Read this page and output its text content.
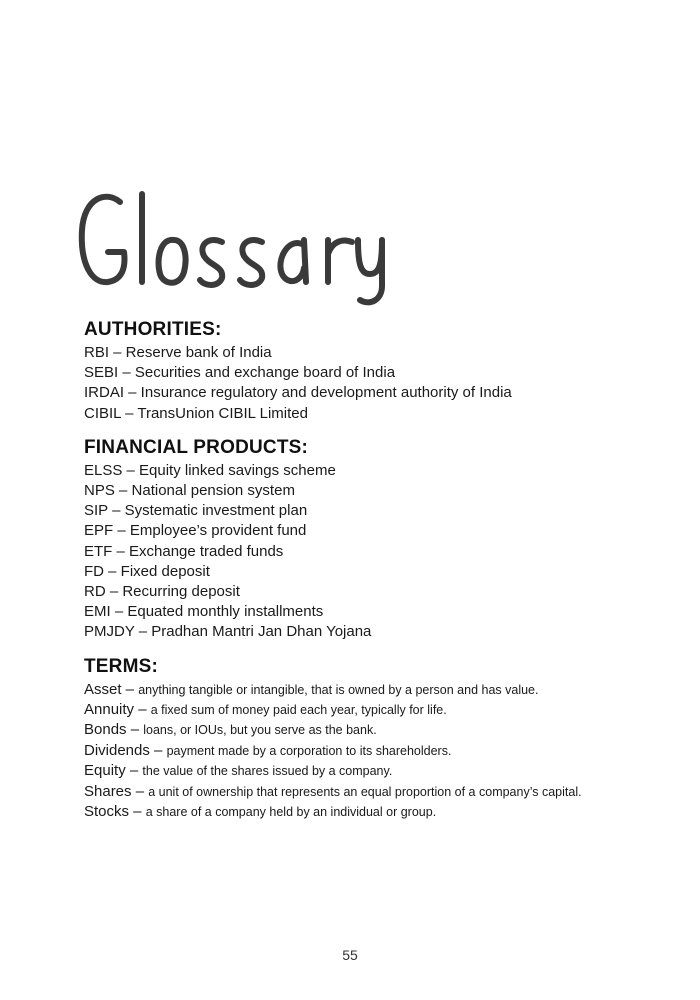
AUTHORITIES:
RBI – Reserve bank of India
SEBI – Securities and exchange board of India
IRDAI – Insurance regulatory and development authority of India
CIBIL – TransUnion CIBIL Limited
FINANCIAL PRODUCTS:
ELSS – Equity linked savings scheme
NPS – National pension system
SIP – Systematic investment plan
EPF – Employee’s provident fund
ETF – Exchange traded funds
FD – Fixed deposit
RD – Recurring deposit
EMI – Equated monthly installments
PMJDY – Pradhan Mantri Jan Dhan Yojana
TERMS:
Asset – anything tangible or intangible, that is owned by a person and has value.
Annuity – a fixed sum of money paid each year, typically for life.
Bonds – loans, or IOUs, but you serve as the bank.
Dividends – payment made by a corporation to its shareholders.
Equity – the value of the shares issued by a company.
Shares – a unit of ownership that represents an equal proportion of a company’s capital.
Stocks – a share of a company held by an individual or group.
55
